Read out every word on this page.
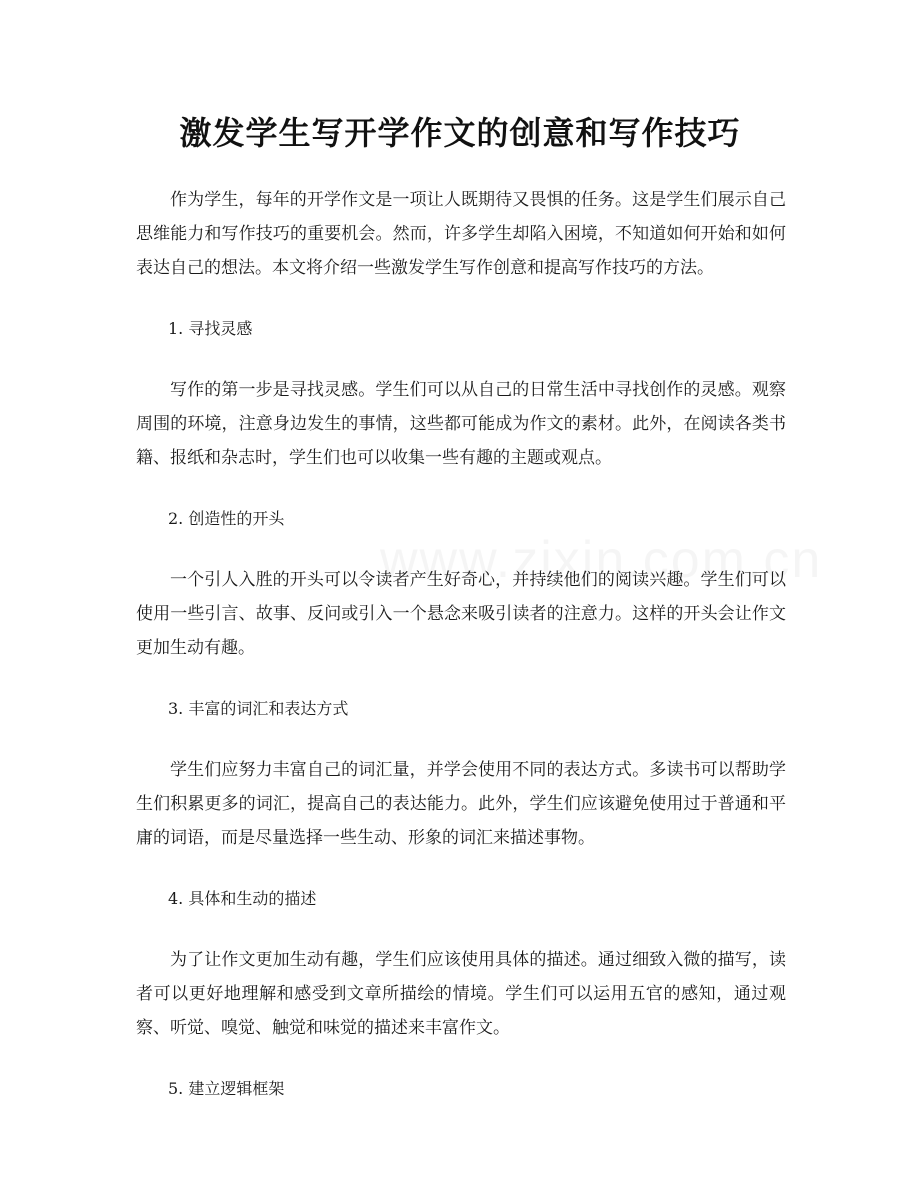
激发学生写开学作文的创意和写作技巧

作为学生，每年的开学作文是一项让人既期待又畏惧的任务。这是学生们展示自己思维能力和写作技巧的重要机会。然而，许多学生却陷入困境，不知道如何开始和如何表达自己的想法。本文将介绍一些激发学生写作创意和提高写作技巧的方法。

1. 寻找灵感

写作的第一步是寻找灵感。学生们可以从自己的日常生活中寻找创作的灵感。观察周围的环境，注意身边发生的事情，这些都可能成为作文的素材。此外，在阅读各类书籍、报纸和杂志时，学生们也可以收集一些有趣的主题或观点。

2. 创造性的开头

一个引人入胜的开头可以令读者产生好奇心，并持续他们的阅读兴趣。学生们可以使用一些引言、故事、反问或引入一个悬念来吸引读者的注意力。这样的开头会让作文更加生动有趣。

3. 丰富的词汇和表达方式

学生们应努力丰富自己的词汇量，并学会使用不同的表达方式。多读书可以帮助学生们积累更多的词汇，提高自己的表达能力。此外，学生们应该避免使用过于普通和平庸的词语，而是尽量选择一些生动、形象的词汇来描述事物。

4. 具体和生动的描述

为了让作文更加生动有趣，学生们应该使用具体的描述。通过细致入微的描写，读者可以更好地理解和感受到文章所描绘的情境。学生们可以运用五官的感知，通过观察、听觉、嗅觉、触觉和味觉的描述来丰富作文。

5. 建立逻辑框架
